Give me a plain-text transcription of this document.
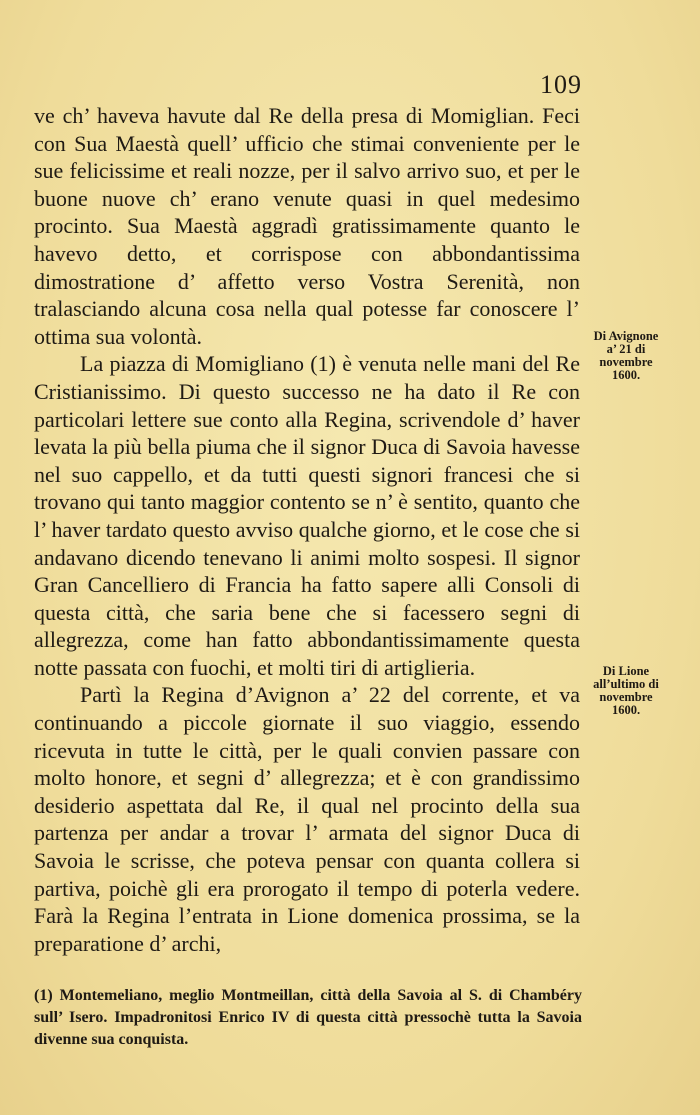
109

ve ch’ haveva havute dal Re della presa di Momiglian. Feci con Sua Maestà quell’ ufficio che stimai conveniente per le sue felicissime et reali nozze, per il salvo arrivo suo, et per le buone nuove ch’ erano venute quasi in quel medesimo procinto. Sua Maestà aggradì gratissimamente quanto le havevo detto, et corrispose con abbondantissima dimostratione d’ affetto verso Vostra Serenità, non tralasciando alcuna cosa nella qual potesse far conoscere l’ ottima sua volontà.

La piazza di Momigliano (1) è venuta nelle mani del Re Cristianissimo. Di questo successo ne ha dato il Re con particolari lettere sue conto alla Regina, scrivendole d’ haver levata la più bella piuma che il signor Duca di Savoia havesse nel suo cappello, et da tutti questi signori francesi che si trovano qui tanto maggior contento se n’ è sentito, quanto che l’ haver tardato questo avviso qualche giorno, et le cose che si andavano dicendo tenevano li animi molto sospesi. Il signor Gran Cancelliero di Francia ha fatto sapere alli Consoli di questa città, che saria bene che si facessero segni di allegrezza, come han fatto abbondantissimamente questa notte passata con fuochi, et molti tiri di artiglieria.

Partì la Regina d’Avignon a’ 22 del corrente, et va continuando a piccole giornate il suo viaggio, essendo ricevuta in tutte le città, per le quali convien passare con molto honore, et segni d’ allegrezza; et è con grandissimo desiderio aspettata dal Re, il qual nel procinto della sua partenza per andar a trovar l’ armata del signor Duca di Savoia le scrisse, che poteva pensar con quanta collera si partiva, poichè gli era prorogato il tempo di poterla vedere. Farà la Regina l’entrata in Lione domenica prossima, se la preparatione d’ archi,

Di Avignone a’ 21 di novembre 1600.
Di Lione all’ultimo di novembre 1600.
(1) Montemeliano, meglio Montmeillan, città della Savoia al S. di Chambéry sull’ Isero. Impadronitosi Enrico IV di questa città pressochè tutta la Savoia divenne sua conquista.
